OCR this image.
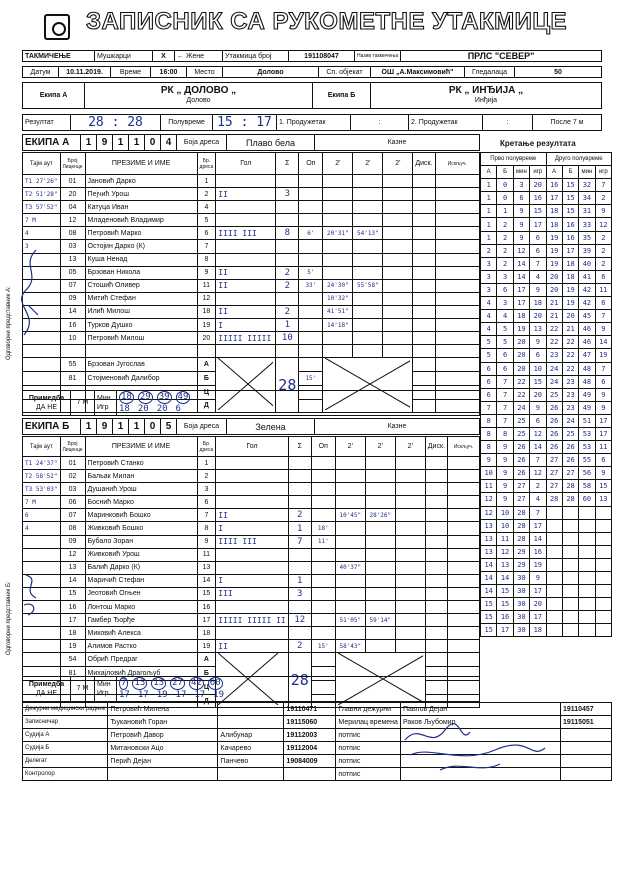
ЗАПИСНИК СА РУКОМЕТНЕ УТАКМИЦЕ
ТАКМИЧЕЊЕ	Мушкарци	X	← Жене	Утакмица број	191108047	Назив такмичења	ПРЛС "СЕВЕР"
Датум	10.11.2019.	Време	16:00	Место	Долово	Сп. објекат	ОШ „А.Максимовић"	Гледалаца	50
Екипа А	РК „ ДОЛОВО „
Долово
	Екипа Б	РК „ ИНЂИЈА „
Инђија
Резултат	28 : 28	Полувреме	15 : 17	1. Продужетак	:	2. Продужетак	:	После 7 м
ЕКИПА А	1	9	1	1	0	4	Боја дреса	Плаво бела	Казне	Кретање резултата
Тајм аут	Број Лиценце	ПРЕЗИМЕ И ИМЕ	Бр. дреса	Гол	Σ	Оп	2'	2'	2'	Диск.	Искључ.
Т1 27'26"	01	Јановић Дарко	1								
Т2 51'28"	20	Пејчић Урош	2	II	3						
Т3 57'52"	04	Катуца Иван	4								
7 М	12	Младеновић Владимир	5								
4	08	Петровић Марко	6	IIII III	8	6'	20'31"	54'13"			
3	03	Остојин Дарко (К)	7								
	13	Куша Ненад	8								
	05	Брзован Никола	9	II	2	5'					
	07	Стошић Оливер	11	II	2	33'	24'30"	55'58"			
	09	Митић Стефан	12				10'32"				
	14	Илић Милош	18	II	2		41'51"				
	16	Турков Душко	19	I	1		14'18"				
	10	Петровић Милош	20	IIIII IIIII	10						

	55	Брзован Југослав	А		28				
	81	Стојменовић Далибор	Б			15'					
			Ц								
			Д								
Одговорни представник А:
Примедба
ДА НЕ
	7 М	
Мин
Игр

18 29 39 49
18 20 20 6
ЕКИПА Б	1	9	1	1	0	5	Боја дреса	Зелена	Казне
Тајм аут	Број Лиценце	ПРЕЗИМЕ И ИМЕ	Бр. дреса	Гол	Σ	Оп	2'	2'	2'	Диск.	Искључ.
Т1 24'37"	01	Петровић Станко	1								
Т2 58'52"	02	Бальак Милан	2								
Т3 53'03"	03	Душанић Урош	3								
7 М	06	Боснић Марко	6								
6	07	Маринковић Бошко	7	II	2		10'45"	28'26"			
4	08	Живковић Бошко	8	I	1	18'					
	09	Бубало Зоран	9	IIII III	7	11'					
	12	Живковић Урош	11								
	13	Балић Дарко (К)	13				40'37"				
	14	Маричић Стефан	14	I	1						
	15	Јеотовић Огњен	15	III	3						
	16	Лонтош Марко	16								
	17	Гамбер Ђорђе	17	IIIII IIIII II	12		51'05"	59'14"			
	18	Миковић Алекса	18								
	19	Алимов Растко	19	II	2	15'	58'43"				
	54	Обрић Предраг	А		28				
	81	Михајловић Драгољуб	Б								
			Ц								
			Д								
Одговорни представник Б:
Примедба
ДА НЕ
	7 М	
Мин
Игр

7 13 13 27 42 60
17 17 19 17 17 19
Прво полувреме				Друго полувреме			
А	Б	мин	игр	А	Б	мин	игр
1	0	3	20	16	15	32	7
1	0	6	16	17	15	34	2
1	1	9	15	18	15	31	9
1	2	9	17	18	16	33	12
1	2	9	6	19	16	35	2
2	2	12	6	19	17	39	2
3	2	14	7	19	18	40	2
3	3	14	4	20	18	41	6
3	6	17	9	20	19	42	11
4	3	17	18	21	19	42	6
4	4	18	20	21	20	45	7
4	5	19	13	22	21	46	9
5	5	20	9	22	22	46	14
5	6	20	6	23	22	47	19
6	6	20	10	24	22	48	7
6	7	22	15	24	23	48	6
6	7	22	20	25	23	49	9
7	7	24	9	26	23	49	9
8	7	25	6	26	24	51	17
8	8	25	12	26	25	53	17
8	9	26	14	26	26	53	11
9	9	26	7	27	26	55	6
10	9	26	12	27	27	56	9
11	9	27	2	27	28	58	15
12	9	27	4	28	28	60	13
12	10	28	7				
13	10	28	17				
13	11	28	14				
13	12	29	16				
14	13	29	19				
14	14	30	9				
14	15	30	17				
15	15	30	20				
15	16	30	17				
15	17	30	18				
Дежурни медицински радник	Петровић Милена		19110471	Главни дежурни	Павлов Дејан	19110457
Записничар	Ђукановић Горан		19115060	Мерилац времена	Раков Љубомир	19115051
Судија А	Петровић Давор	Алибунар	19112003	потпис		
Судија Б	Митановски Ацо	Качарево	19112004	потпис		
Делегат	Перић Дејан	Панчево	19084009	потпис		
Контролор				потпис		
